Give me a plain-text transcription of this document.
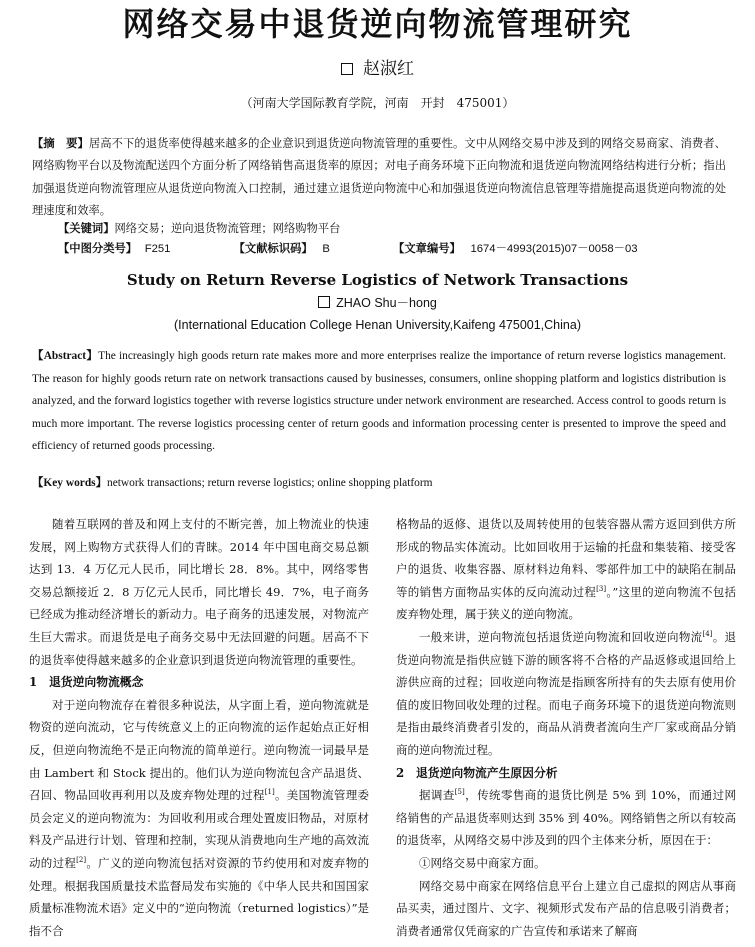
网络交易中退货逆向物流管理研究
赵淑红
（河南大学国际教育学院，河南　开封　475001）
【摘　要】居高不下的退货率使得越来越多的企业意识到退货逆向物流管理的重要性。文中从网络交易中涉及到的网络交易商家、消费者、网络购物平台以及物流配送四个方面分析了网络销售高退货率的原因；对电子商务环境下正向物流和退货逆向物流网络结构进行分析；指出加强退货逆向物流管理应从退货逆向物流入口控制，通过建立退货逆向物流中心和加强退货逆向物流信息管理等措施提高退货逆向物流的处理速度和效率。
【关键词】网络交易；逆向退货物流管理；网络购物平台
【中图分类号】 F251	【文献标识码】 B	【文章编号】 1674－4993(2015)07－0058－03
Study on Return Reverse Logistics of Network Transactions
ZHAO Shu－hong
(International Education College Henan University,Kaifeng 475001,China)
【Abstract】The increasingly high goods return rate makes more and more enterprises realize the importance of return reverse logistics management. The reason for highly goods return rate on network transactions caused by businesses, consumers, online shopping platform and logistics distribution is analyzed, and the forward logistics together with reverse logistics structure under network environment are researched. Access control to goods return is much more important. The reverse logistics processing center of return goods and information processing center is presented to improve the speed and efficiency of returned goods processing.
【Key words】network transactions; return reverse logistics; online shopping platform

随着互联网的普及和网上支付的不断完善，加上物流业的快速发展，网上购物方式获得人们的青睐。2014 年中国电商交易总额达到 13．4 万亿元人民币，同比增长 28．8%。其中，网络零售交易总额接近 2．8 万亿元人民币，同比增长 49．7%，电子商务已经成为推动经济增长的新动力。电子商务的迅速发展，对物流产生巨大需求。而退货是电子商务交易中无法回避的问题。居高不下的退货率使得越来越多的企业意识到退货逆向物流管理的重要性。

1　退货逆向物流概念

对于逆向物流存在着很多种说法，从字面上看，逆向物流就是物资的逆向流动，它与传统意义上的正向物流的运作起始点正好相反，但逆向物流绝不是正向物流的简单逆行。逆向物流一词最早是由 Lambert 和 Stock 提出的。他们认为逆向物流包含产品退货、召回、物品回收再利用以及废弃物处理的过程[1]。美国物流管理委员会定义的逆向物流为：为回收利用或合理处置废旧物品，对原材料及产品进行计划、管理和控制，实现从消费地向生产地的高效流动的过程[2]。广义的逆向物流包括对资源的节约使用和对废弃物的处理。根据我国质量技术监督局发布实施的《中华人民共和国国家质量标准物流术语》定义中的“逆向物流（returned logistics）”是指不合

格物品的返修、退货以及周转使用的包装容器从需方返回到供方所形成的物品实体流动。比如回收用于运输的托盘和集装箱、接受客户的退货、收集容器、原材料边角料、零部件加工中的缺陷在制品等的销售方面物品实体的反向流动过程[3]。”这里的逆向物流不包括废弃物处理，属于狭义的逆向物流。

一般来讲，逆向物流包括退货逆向物流和回收逆向物流[4]。退货逆向物流是指供应链下游的顾客将不合格的产品返修或退回给上游供应商的过程；回收逆向物流是指顾客所持有的失去原有使用价值的废旧物回收处理的过程。而电子商务环境下的退货逆向物流则是指由最终消费者引发的，商品从消费者流向生产厂家或商品分销商的逆向物流过程。

2　退货逆向物流产生原因分析

据调查[5]，传统零售商的退货比例是 5% 到 10%，而通过网络销售的产品退货率则达到 35% 到 40%。网络销售之所以有较高的退货率，从网络交易中涉及到的四个主体来分析，原因在于：

①网络交易中商家方面。

网络交易中商家在网络信息平台上建立自己虚拟的网店从事商品买卖，通过图片、文字、视频形式发布产品的信息吸引消费者；消费者通常仅凭商家的广告宣传和承诺来了解商
